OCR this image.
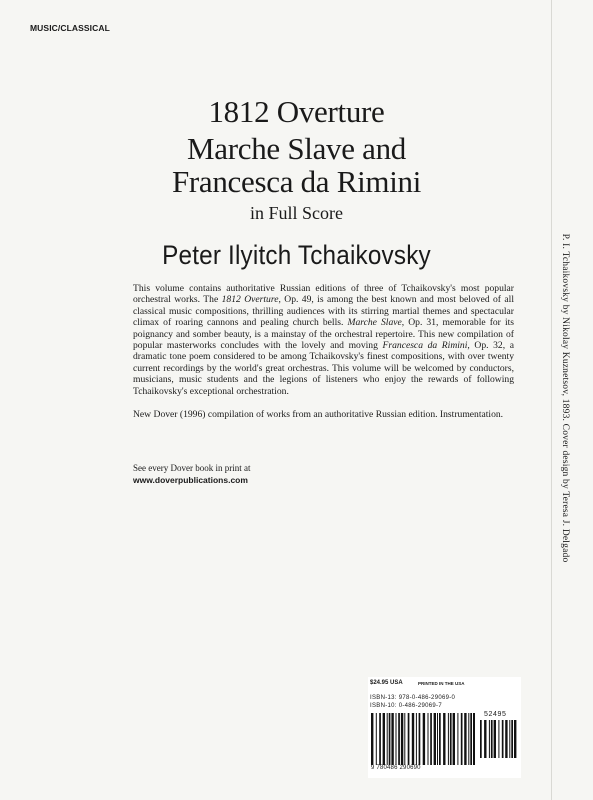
MUSIC/CLASSICAL
1812 Overture
Marche Slave and
Francesca da Rimini
in Full Score
Peter Ilyitch Tchaikovsky

This volume contains authoritative Russian editions of three of Tchaikovsky's most popular orchestral works. The 1812 Overture, Op. 49, is among the best known and most beloved of all classical music compositions, thrilling audiences with its stirring martial themes and spectacular climax of roaring cannons and pealing church bells. Marche Slave, Op. 31, memorable for its poignancy and somber beauty, is a mainstay of the orchestral repertoire. This new compilation of popular masterworks concludes with the lovely and moving Francesca da Rimini, Op. 32, a dramatic tone poem considered to be among Tchaikovsky's finest compositions, with over twenty current recordings by the world's great orchestras. This volume will be welcomed by conductors, musicians, music students and the legions of listeners who enjoy the rewards of following Tchaikovsky's exceptional orchestration.

New Dover (1996) compilation of works from an authoritative Russian edition. Instrumentation.

See every Dover book in print at
www.doverpublications.com	P. I. Tchaikovsky by Nikolay Kuznetsov, 1893. Cover design by Teresa J. Delgado
$24.95 USA	PRINTED IN THE USA
ISBN-13: 978-0-486-29069-0
ISBN-10: 0-486-29069-7
52495
9 780486 290690
